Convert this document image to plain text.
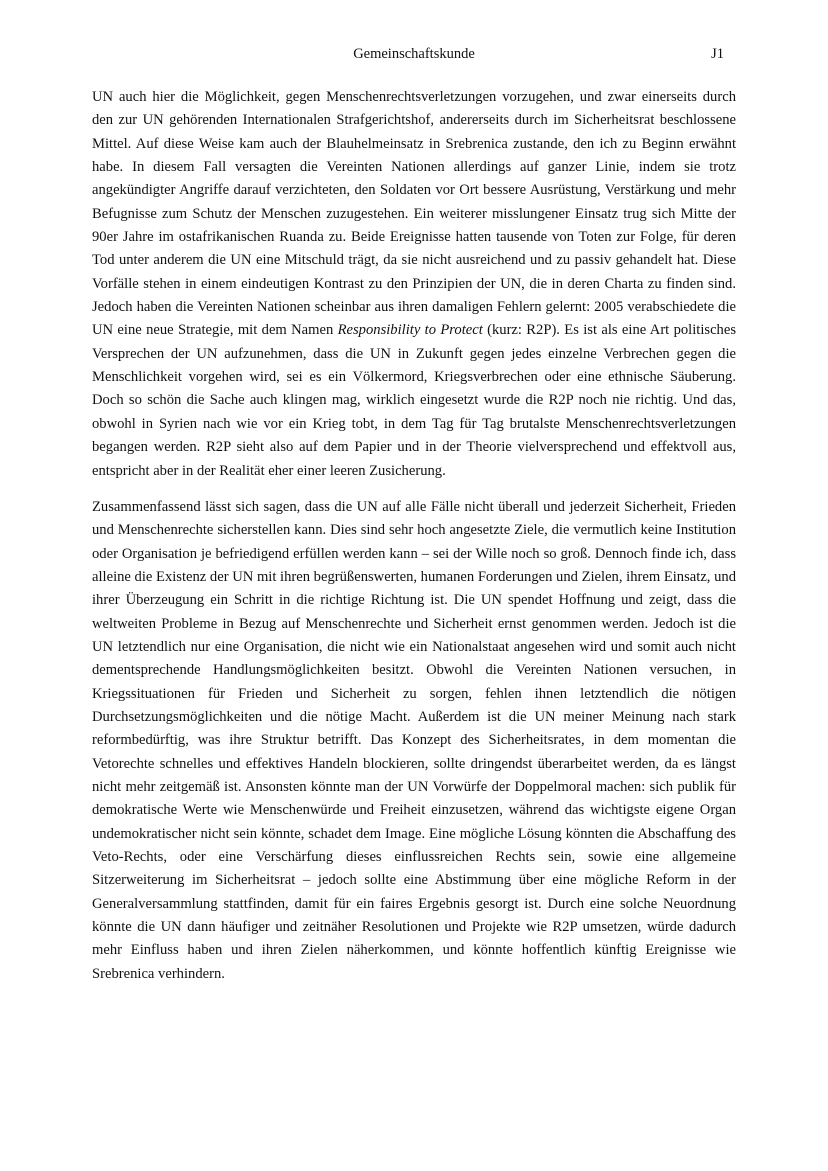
Gemeinschaftskunde	J1

UN auch hier die Möglichkeit, gegen Menschenrechtsverletzungen vorzugehen, und zwar einerseits durch den zur UN gehörenden Internationalen Strafgerichtshof, andererseits durch im Sicherheitsrat beschlossene Mittel. Auf diese Weise kam auch der Blauhelmeinsatz in Srebrenica zustande, den ich zu Beginn erwähnt habe. In diesem Fall versagten die Vereinten Nationen allerdings auf ganzer Linie, indem sie trotz angekündigter Angriffe darauf verzichteten, den Soldaten vor Ort bessere Ausrüstung, Verstärkung und mehr Befugnisse zum Schutz der Menschen zuzugestehen. Ein weiterer misslungener Einsatz trug sich Mitte der 90er Jahre im ostafrikanischen Ruanda zu. Beide Ereignisse hatten tausende von Toten zur Folge, für deren Tod unter anderem die UN eine Mitschuld trägt, da sie nicht ausreichend und zu passiv gehandelt hat. Diese Vorfälle stehen in einem eindeutigen Kontrast zu den Prinzipien der UN, die in deren Charta zu finden sind. Jedoch haben die Vereinten Nationen scheinbar aus ihren damaligen Fehlern gelernt: 2005 verabschiedete die UN eine neue Strategie, mit dem Namen Responsibility to Protect (kurz: R2P). Es ist als eine Art politisches Versprechen der UN aufzunehmen, dass die UN in Zukunft gegen jedes einzelne Verbrechen gegen die Menschlichkeit vorgehen wird, sei es ein Völkermord, Kriegsverbrechen oder eine ethnische Säuberung. Doch so schön die Sache auch klingen mag, wirklich eingesetzt wurde die R2P noch nie richtig. Und das, obwohl in Syrien nach wie vor ein Krieg tobt, in dem Tag für Tag brutalste Menschenrechtsverletzungen begangen werden. R2P sieht also auf dem Papier und in der Theorie vielversprechend und effektvoll aus, entspricht aber in der Realität eher einer leeren Zusicherung.

Zusammenfassend lässt sich sagen, dass die UN auf alle Fälle nicht überall und jederzeit Sicherheit, Frieden und Menschenrechte sicherstellen kann. Dies sind sehr hoch angesetzte Ziele, die vermutlich keine Institution oder Organisation je befriedigend erfüllen werden kann – sei der Wille noch so groß. Dennoch finde ich, dass alleine die Existenz der UN mit ihren begrüßenswerten, humanen Forderungen und Zielen, ihrem Einsatz, und ihrer Überzeugung ein Schritt in die richtige Richtung ist. Die UN spendet Hoffnung und zeigt, dass die weltweiten Probleme in Bezug auf Menschenrechte und Sicherheit ernst genommen werden. Jedoch ist die UN letztendlich nur eine Organisation, die nicht wie ein Nationalstaat angesehen wird und somit auch nicht dementsprechende Handlungsmöglichkeiten besitzt. Obwohl die Vereinten Nationen versuchen, in Kriegssituationen für Frieden und Sicherheit zu sorgen, fehlen ihnen letztendlich die nötigen Durchsetzungsmöglichkeiten und die nötige Macht. Außerdem ist die UN meiner Meinung nach stark reformbedürftig, was ihre Struktur betrifft. Das Konzept des Sicherheitsrates, in dem momentan die Vetorechte schnelles und effektives Handeln blockieren, sollte dringendst überarbeitet werden, da es längst nicht mehr zeitgemäß ist. Ansonsten könnte man der UN Vorwürfe der Doppelmoral machen: sich publik für demokratische Werte wie Menschenwürde und Freiheit einzusetzen, während das wichtigste eigene Organ undemokratischer nicht sein könnte, schadet dem Image. Eine mögliche Lösung könnten die Abschaffung des Veto-Rechts, oder eine Verschärfung dieses einflussreichen Rechts sein, sowie eine allgemeine Sitzerweiterung im Sicherheitsrat – jedoch sollte eine Abstimmung über eine mögliche Reform in der Generalversammlung stattfinden, damit für ein faires Ergebnis gesorgt ist. Durch eine solche Neuordnung könnte die UN dann häufiger und zeitnäher Resolutionen und Projekte wie R2P umsetzen, würde dadurch mehr Einfluss haben und ihren Zielen näherkommen, und könnte hoffentlich künftig Ereignisse wie Srebrenica verhindern.
